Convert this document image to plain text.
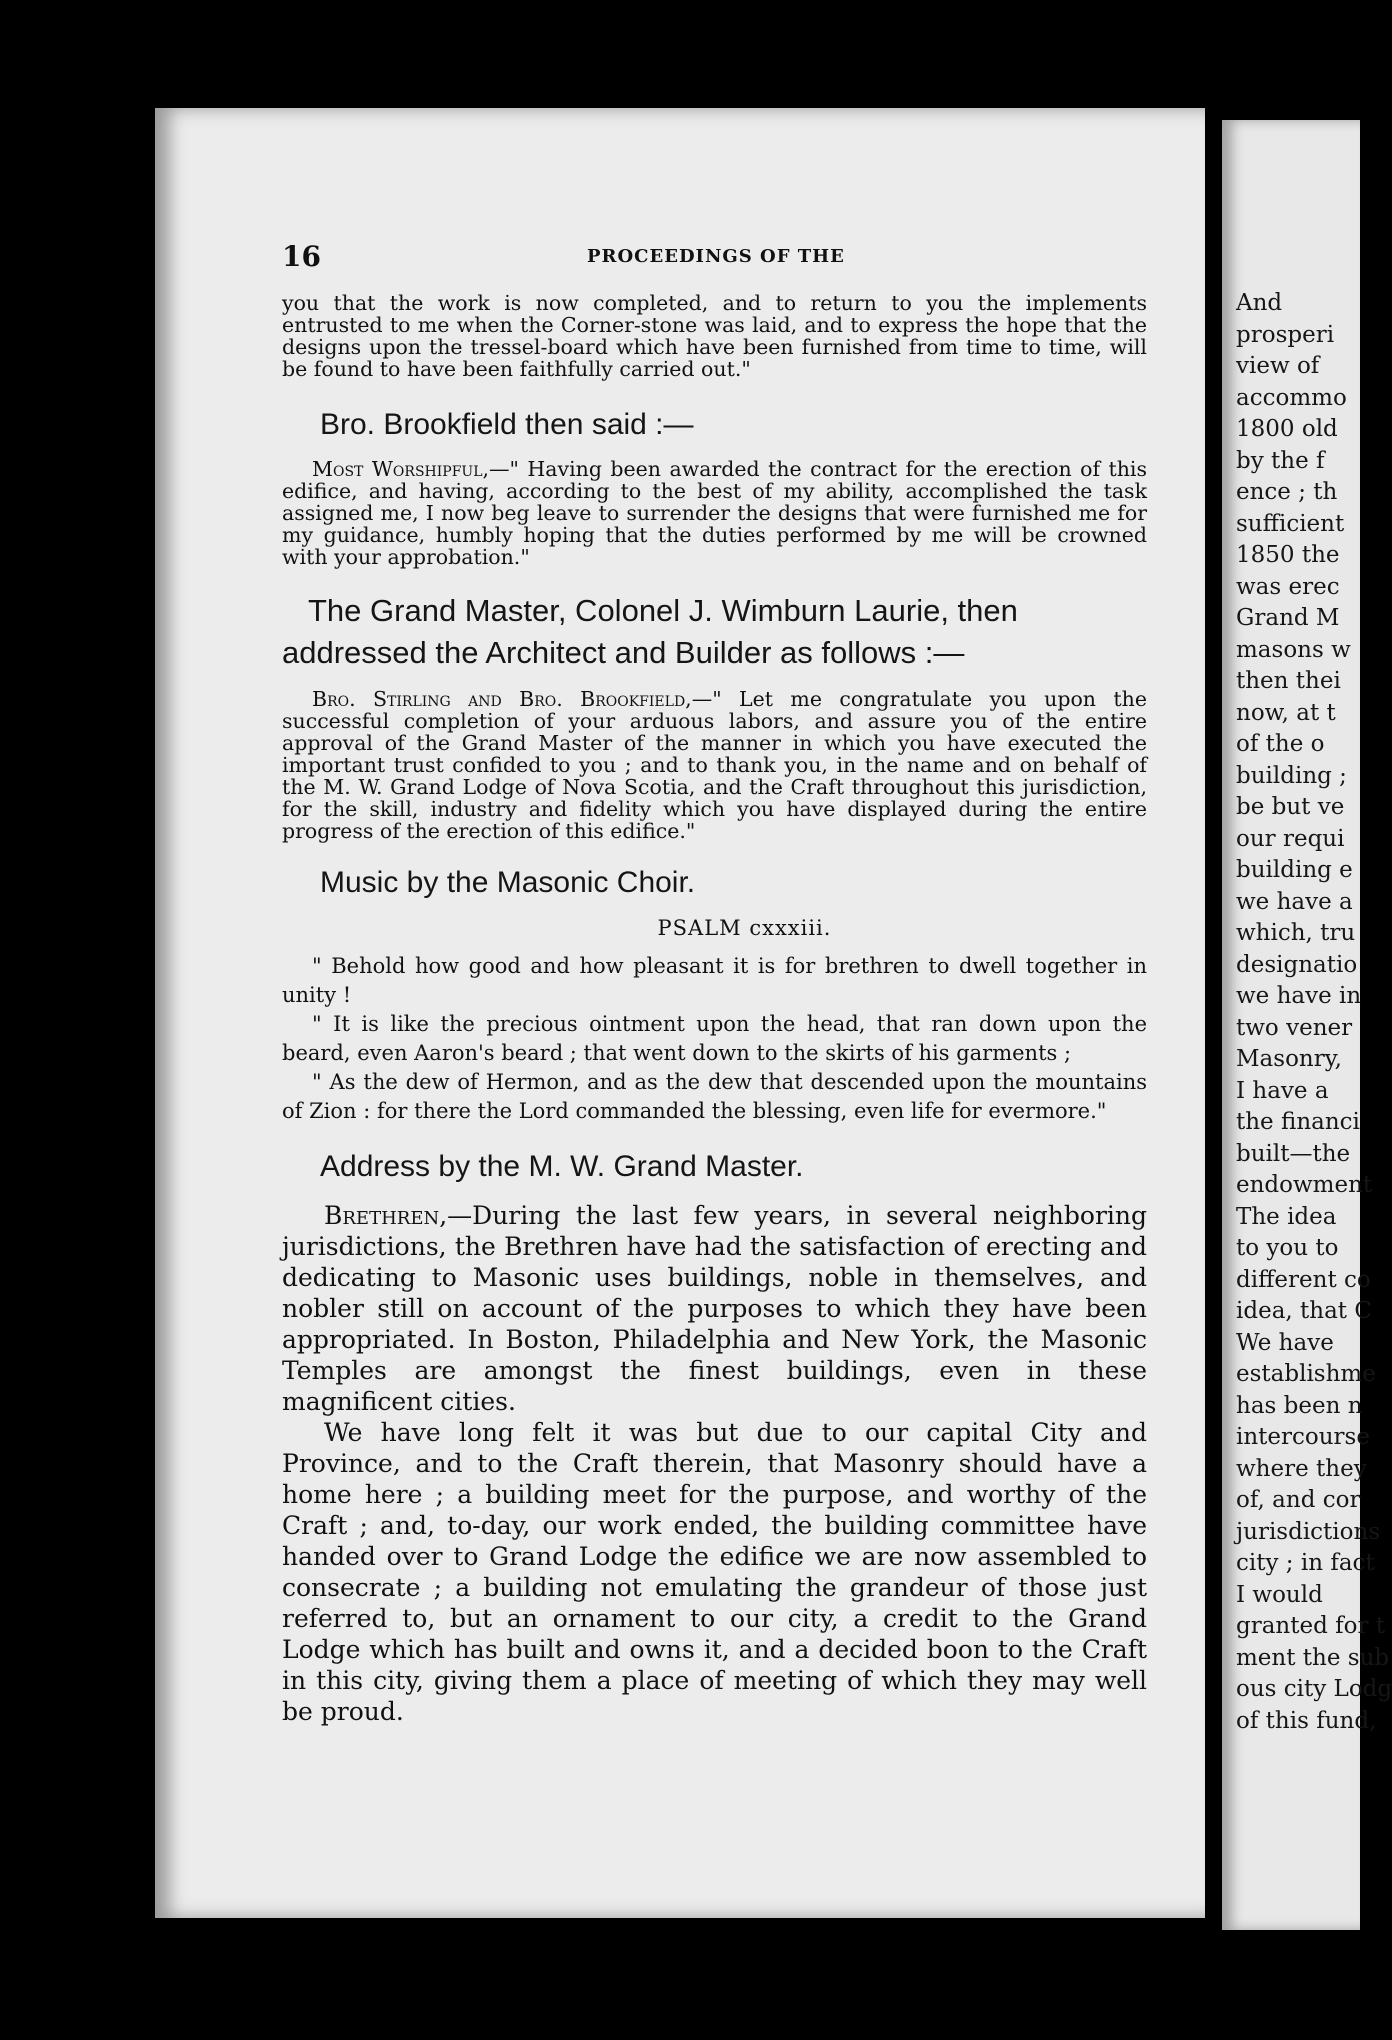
And
prosperi
view of
accommo
1800 old
by the f
ence ; th
sufficient
1850 the
was erec
Grand M
masons w
then thei
now, at t
of the o
building ;
be but ve
our requi
building e
we have a
which, tru
designatio
we have in
two vener
Masonry,
I have a
the financi
built—the
endowment
The idea
to you to
different co
idea, that C
We have
establishme
has been n
intercourse
where they
of, and cor
jurisdictions
city ; in fact
I would
granted for t
ment the sub
ous city Lodg
of this fund,
16	PROCEEDINGS OF THE

you that the work is now completed, and to return to you the implements entrusted to me when the Corner-stone was laid, and to express the hope that the designs upon the tressel-board which have been furnished from time to time, will be found to have been faithfully carried out."

Bro. Brookfield then said :—

Most Worshipful,—" Having been awarded the contract for the erection of this edifice, and having, according to the best of my ability, accomplished the task assigned me, I now beg leave to surrender the designs that were furnished me for my guidance, humbly hoping that the duties performed by me will be crowned with your approbation."

The Grand Master, Colonel J. Wimburn Laurie, then addressed the Architect and Builder as follows :—

Bro. Stirling and Bro. Brookfield,—" Let me congratulate you upon the successful completion of your arduous labors, and assure you of the entire approval of the Grand Master of the manner in which you have executed the important trust confided to you ; and to thank you, in the name and on behalf of the M. W. Grand Lodge of Nova Scotia, and the Craft throughout this jurisdiction, for the skill, industry and fidelity which you have displayed during the entire progress of the erection of this edifice."

Music by the Masonic Choir.
PSALM cxxxiii.

" Behold how good and how pleasant it is for brethren to dwell together in unity !

" It is like the precious ointment upon the head, that ran down upon the beard, even Aaron's beard ; that went down to the skirts of his garments ;

" As the dew of Hermon, and as the dew that descended upon the mountains of Zion : for there the Lord commanded the blessing, even life for evermore."

Address by the M. W. Grand Master.

Brethren,—During the last few years, in several neighboring jurisdictions, the Brethren have had the satisfaction of erecting and dedicating to Masonic uses buildings, noble in themselves, and nobler still on account of the purposes to which they have been appropriated. In Boston, Philadelphia and New York, the Masonic Temples are amongst the finest buildings, even in these magnificent cities.

We have long felt it was but due to our capital City and Province, and to the Craft therein, that Masonry should have a home here ; a building meet for the purpose, and worthy of the Craft ; and, to-day, our work ended, the building committee have handed over to Grand Lodge the edifice we are now assembled to consecrate ; a building not emulating the grandeur of those just referred to, but an ornament to our city, a credit to the Grand Lodge which has built and owns it, and a decided boon to the Craft in this city, giving them a place of meeting of which they may well be proud.
